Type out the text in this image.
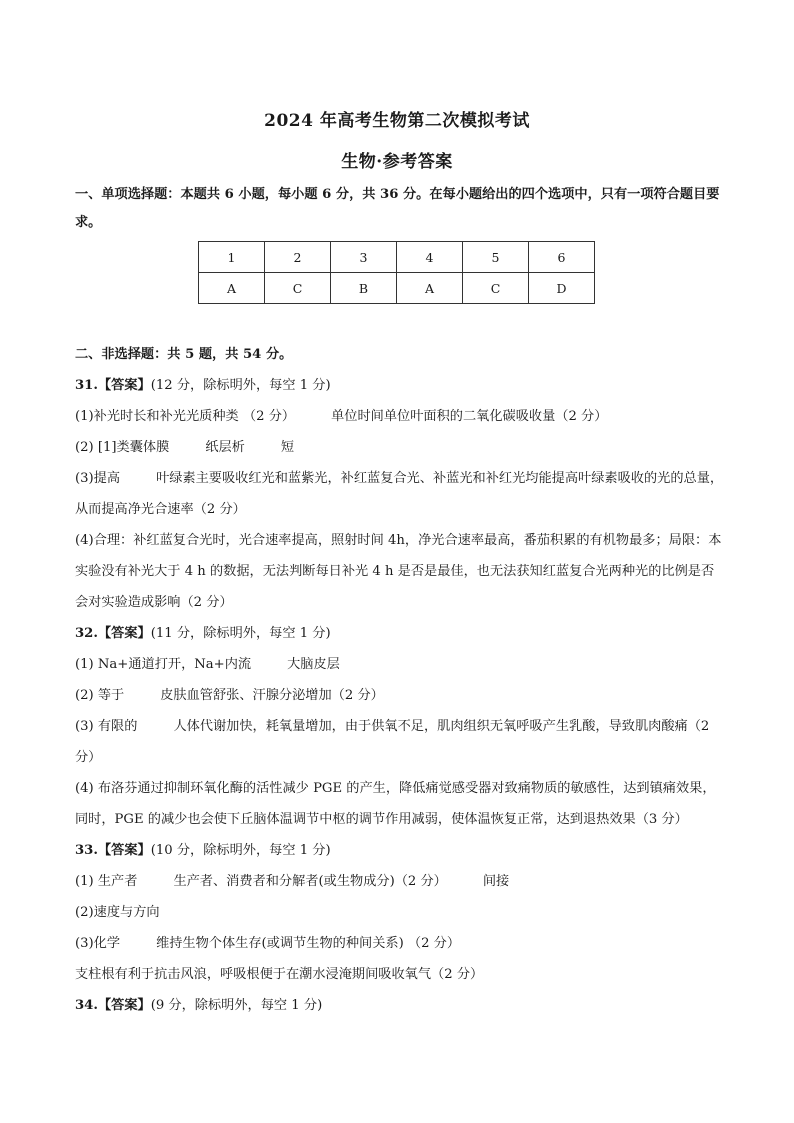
2024 年高考生物第二次模拟考试
生物·参考答案
一、单项选择题：本题共 6 小题，每小题 6 分，共 36 分。在每小题给出的四个选项中，只有一项符合题目要求。
1	2	3	4	5	6
A	C	B	A	C	D
二、非选择题：共 5 题，共 54 分。
31.【答案】(12 分，除标明外，每空 1 分)
(1)补光时长和补光光质种类 （2 分）	单位时间单位叶面积的二氧化碳吸收量（2 分）
(2) [1]类囊体膜	纸层析	短
(3)提高	叶绿素主要吸收红光和蓝紫光，补红蓝复合光、补蓝光和补红光均能提高叶绿素吸收的光的总量，从而提高净光合速率（2 分）
(4)合理：补红蓝复合光时，光合速率提高，照射时间 4h，净光合速率最高，番茄积累的有机物最多；局限：本实验没有补光大于 4 h 的数据，无法判断每日补光 4 h 是否是最佳，也无法获知红蓝复合光两种光的比例是否会对实验造成影响（2 分）
32.【答案】(11 分，除标明外，每空 1 分)
(1) Na+通道打开，Na+内流	大脑皮层
(2) 等于	皮肤血管舒张、汗腺分泌增加（2 分）
(3) 有限的	人体代谢加快，耗氧量增加，由于供氧不足，肌肉组织无氧呼吸产生乳酸，导致肌肉酸痛（2 分）
(4) 布洛芬通过抑制环氧化酶的活性减少 PGE 的产生，降低痛觉感受器对致痛物质的敏感性，达到镇痛效果，同时，PGE 的减少也会使下丘脑体温调节中枢的调节作用减弱，使体温恢复正常，达到退热效果（3 分）
33.【答案】(10 分，除标明外，每空 1 分)
(1) 生产者	生产者、消费者和分解者(或生物成分)（2 分）	间接
(2)速度与方向
(3)化学	维持生物个体生存(或调节生物的种间关系) （2 分）
支柱根有利于抗击风浪，呼吸根便于在潮水浸淹期间吸收氧气（2 分）
34.【答案】(9 分，除标明外，每空 1 分)
